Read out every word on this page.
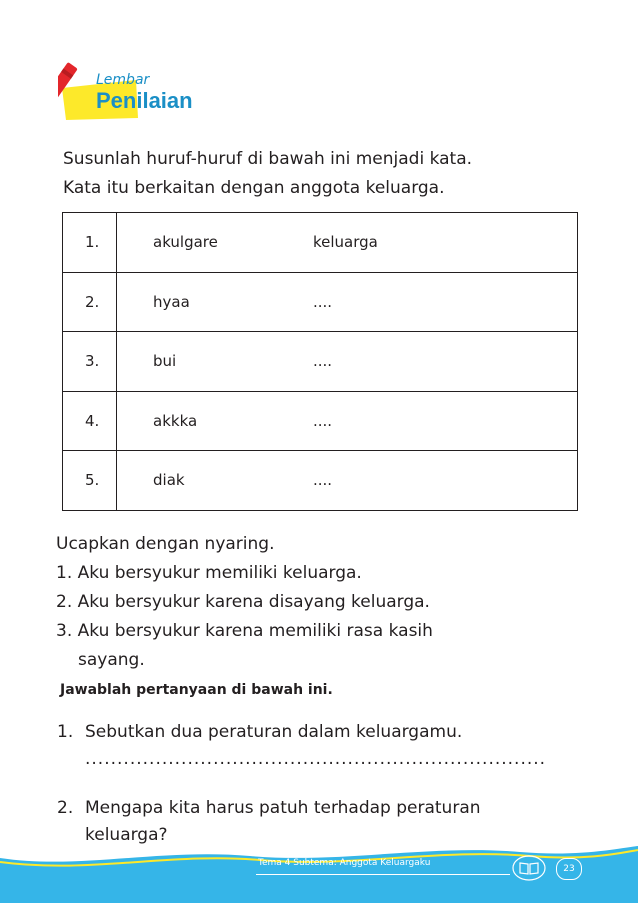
Lembar
Penilaian
Susunlah huruf-huruf di bawah ini menjadi kata.
Kata itu berkaitan dengan anggota keluarga.
1.	akulgare keluarga
2.	hyaa ....
3.	bui ....
4.	akkka ....
5.	diak ....
Ucapkan dengan nyaring.
1. Aku bersyukur memiliki keluarga.
2. Aku bersyukur karena disayang keluarga.
3. Aku bersyukur karena memiliki rasa kasih
sayang.
Jawablah pertanyaan di bawah ini.
1. Sebutkan dua peraturan dalam keluargamu.
........................................................................
2. Mengapa kita harus patuh terhadap peraturan
keluarga?
Tema 4 Subtema: Anggota Keluargaku
23
